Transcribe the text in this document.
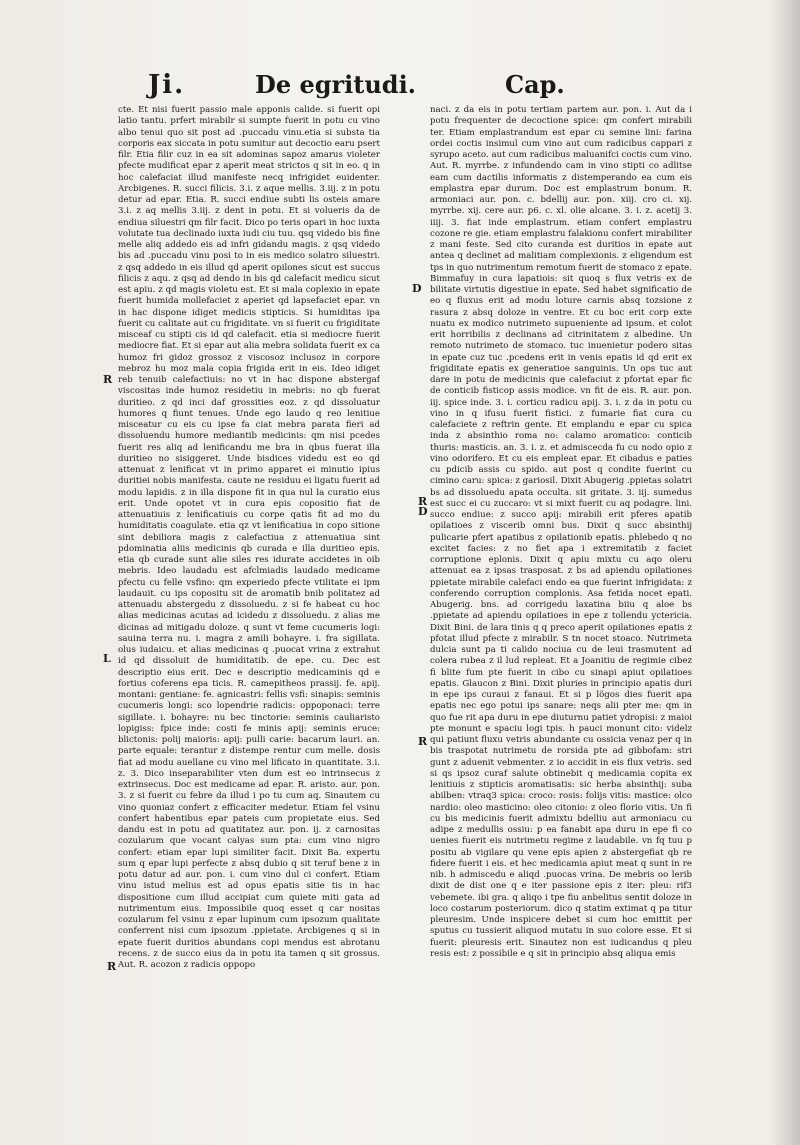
Ji.	De egritudi.	Cap.
R
L
R
D
R
D
R

cte. Et nisi fuerit passio male apponis calide. si fuerit opi latio tantu. prfert mirabilr si sumpte fuerit in potu cu vino albo tenui quo sit post ad .puccadu vinu.etia si substa tia corporis eax siccata in potu sumitur aut decoctio earu psert filr. Etia filir cuz in ea sit adominas sapoz amarus violeter pfecte mudificat epar z aperit meat strictos q sit in eo. q in hoc calefaciat illud manifeste necq infrigidet euidenter. Arcbigenes. R. succi filicis. 3.i. z aque mellis. 3.iij. z in potu detur ad epar. Etia. R. succi endiue subti lis osteis amare 3.i. z aq mellis 3.iij. z dent in potu. Et si volueris da de endiua siluestri qm filr facit. Dico po teris opari in hoc iuxta volutate tua declinado iuxta iudi ciu tuu. qsq videdo bis fine melle aliq addedo eis ad infri gidandu magis. z qsq videdo bis ad .puccadu vinu posi to in eis medico solatro siluestri. z qsq addedo in eis illud qd aperit opilones sicut est succus filicis z aqu. z qsq ad dendo in bis qd calefacit medicu sicut est apiu. z qd magis violetu est. Et si mala coplexio in epate fuerit humida mollefaciet z aperiet qd lapsefaciet epar. vn in hac dispone idiget medicis stipticis. Si humiditas ipa fuerit cu calitate aut cu frigiditate. vn si fuerit cu frigiditate misceaf cu stipti cis id qd calefacit. etia si mediocre fuerit mediocre fiat. Et si epar aut alia mebra solidata fuerit ex ca humoz fri gidoz grossoz z viscosoz inclusoz in corpore mebroz hu moz mala copia frigida erit in eis. Ideo idiget reb tenuib calefactiuis: no vt in hac dispone abstergaf viscositas inde humoz residetiu in mebris: no qb fuerat duritieo. z qd inci daf grossities eoz. z qd dissoluatur humores q fiunt tenues. Unde ego laudo q reo lenitiue misceatur cu eis cu ipse fa ciat mebra parata fieri ad dissoluendu humore mediantib medicinis: qm nisi pcedes fuerit res aliq ad lenificandu me bra in qbus fuerat illa duritieo no sisiggeret. Unde bisdices videdu est eo qd attenuat z lenificat vt in primo apparet ei minutio ipius duritiei nobis manifesta. caute ne residuu ei ligatu fuerit ad modu lapidis. z in illa dispone fit in qua nul la curatio eius erit. Unde opotet vt in cura epis copositio fiat de attenuatiuis z lenificatiuis cu corpe qatis fit ad mo du humiditatis coagulate. etia qz vt lenificatiua in copo sitione sint debiliora magis z calefactiua z attenuatiua sint pdominatia aliis medicinis qb curada e illa duritieo epis. etia qb curade sunt alie siles res idurate accidetes in oib mebris. Ideo laudadu est afclmiadis laudado medicame pfectu cu felle vsfino: qm experiedo pfecte vtilitate ei ipm laudauit. cu ips copositu sit de aromatib bnib politatez ad attenuadu abstergedu z dissoluedu. z si fe habeat cu hoc alias medicinas acutas ad icidedu z dissoluedu. z alias me dicinas ad mitigadu doloze. q sunt vt feme cucumeris logi: sauina terra nu. i. magra z amili bohayre. i. fra sigillata. olus iudaicu. et alias medicinas q .puocat vrina z extrahut id qd dissoluit de humiditatib. de epe. cu. Dec est descriptio eius erit. Dec e descriptio medicaminis qd e fortius coferens epa ticis. R. camepitheos prassij. fe. apij. montani: gentiane: fe. agnicastri: fellis vsfi: sinapis: seminis cucumeris longi: sco lopendrie radicis: oppoponaci: terre sigillate. i. bohayre: nu bec tinctorie: seminis cauliaristo lopigiss: fpice inde: costi fe minis apij: seminis eruce: blictonis: polij maioris: apij: pulli carie: bacarum lauri. an. parte equale: terantur z distempe rentur cum melle. dosis fiat ad modu auellane cu vino mel lificato in quantitate. 3.i. z. 3. Dico inseparabiliter vten dum est eo intrinsecus z extrinsecus. Doc est medicame ad epar. R. aristo. aur. pon. 3. z si fuerit cu febre da illud i po tu cum aq. Sinautem cu vino quoniaz confert z efficaciter medetur. Etiam fel vsinu confert habentibus epar pateis cum propietate eius. Sed dandu est in potu ad quatitatez aur. pon. ij. z carnositas cozularum que vocant calyas sum pta: cum vino nigro confert: etiam epar lupi similiter facit. Dixit Ba. expertu sum q epar lupi perfecte z absq dubio q sit teruf bene z in potu datur ad aur. pon. i. cum vino dul ci confert. Etiam vinu istud melius est ad opus epatis sitie tis in hac dispositione cum illud accipiat cum quiete miti gata ad nutrimentum eius. Impossibile quoq esset q car nositas cozularum fel vsinu z epar lupinum cum ipsozum qualitate conferrent nisi cum ipsozum .ppietate. Arcbigenes q si in epate fuerit duritios abundans copi mendus est abrotanu recens. z de succo eius da in potu ita tamen q sit grossus. Aut. R. acozon z radicis oppopo

naci. z da eis in potu tertiam partem aur. pon. i. Aut da i potu frequenter de decoctione spice: qm confert mirabili ter. Etiam emplastrandum est epar cu semine lini: farina ordei coctis insimul cum vino aut cum radicibus cappari z syrupo aceto. aut cum radicibus maluanifci coctis cum vino. Aut. R. myrrbe. z infundendo cam in vino stipti co adlitse eam cum dactilis informatis z distemperando ea cum eis emplastra epar durum. Doc est emplastrum bonum. R. armoniaci aur. pon. c. bdellij aur. pon. xiij. cro ci. xij. myrrbe. xij. cere aur. p6. c. xl. olie alcane. 3. i. z. acetij 3. iiij. 3. fiat inde emplastrum. etiam confert emplastru cozone re gie. etiam emplastru falakionu confert mirabiliter z mani feste. Sed cito curanda est duritios in epate aut antea q declinet ad malitiam complexionis. z eligendum est tps in quo nutrimentum remotum fuerit de stomaco z epate. Bimmafuy in cura lapatiois: sit quoq s flux vetris ex de bilitate virtutis digestiue in epate. Sed habet significatio de eo q fluxus erit ad modu loture carnis absq tozsione z rasura z absq doloze in ventre. Et cu boc erit corp exte nuatu ex modico nutrimeto supueniente ad ipsum. et colot erit horribilis z declinans ad citrinitatem z albedine. Un remoto nutrimeto de stomaco. tuc inuenietur podero sitas in epate cuz tuc .pcedens erit in venis epatis id qd erit ex frigiditate epatis ex generatioe sanguinis. Un ops tuc aut dare in potu de medicinis que calefaciut z pfortat epar fic de conticib fisticop assis modice. vn fit de eis. R. aur. pon. iij. spice inde. 3. i. corticu radicu apij. 3. i. z da in potu cu vino in q ifusu fuerit fistici. z fumarie fiat cura cu calefaciete z reftrin gente. Et emplandu e epar cu spica inda z absinthio roma no: calamo aromatico: conticib thuris: masticis. an. 3. i. z. et admiscecda fu cu nodo opio z vino odorifero. Et cu eis empleat epar. Et cibadus e paties cu pdicib assis cu spido. aut post q condite fuerint cu cimino caru: spica: z gariosil. Dixit Abugerig .ppietas solatri bs ad dissoluedu apata occulta. sit gritate. 3. iij. sumedus est succ ei cu zuccaro: vt si mixt fuerit cu aq podagre. lini. succo endiue: z succo apij: mirabili erit pferes apatib opilatioes z viscerib omni bus. Dixit q succ absinthij pulicarie pfert apatibus z opilationib epatis. phlebedo q no excitet facies: z no fiet apa i extremitatib z faciet corruptione eplonis. Dixit q apiu mixtu cu aqo oleru attenuat ea z ipsas trasposat. z bs ad apiendu opilationes ppietate mirabile calefaci endo ea que fuerint infrigidata: z conferendo corruption complonis. Asa fetida nocet epati. Abugerig. bns. ad corrigedu laxatina biiu q aloe bs .ppietate ad apiendu opilatioes in epe z tollendu yctericia. Dixit Bini. de lara tinis q q preco aperit opilationes epatis z pfotat illud pfecte z mirabilr. S tn nocet stoaco. Nutrimeta dulcia sunt pa ti calido nociua cu de leui trasmutent ad colera rubea z il lud repleat. Et a Joanitiu de regimie cibez fi blite fum pte fuerit in cibo cu sinapi apiut opilatioes epatis. Glaucon z Bini. Dixit pluries in principio apatis duri in epe ips curaui z fanaui. Et si p lögos dies fuerit apa epatis nec ego potui ips sanare: neqs alii pter me: qm in quo fue rit apa duru in epe diuturnu patiet ydropisi: z maioi pte monunt e spaciu logi tpis. h pauci monunt cito: videlz qui patiunt fluxu vetris abundante cu ossicia venaz per q in bis traspotat nutrimetu de rorsida pte ad gibbofam: stri gunt z aduenit vebmenter. z io accidit in eis flux vetris. sed si qs ipsoz curaf salute obtinebit q medicamia copita ex lenitiuis z stipticis aromatisatis: sic herba absinthij: suba abilben: vtraq3 spica: croco: rosis: folijs vitis: mastice: olco nardio: oleo masticino: oleo citonio: z oleo florio vitis. Un fi cu bis medicinis fuerit admixtu bdelliu aut armoniacu cu adipe z medullis ossiu: p ea fanabit apa duru in epe fi co uenies fuerit eis nutrimetu regime z laudabile. vn fq tuu p positu ab vigilare qu vene epis apien z abstergefiat qb re fidere fuerit i eis. et hec medicamia apiut meat q sunt in re nib. h admiscedu e aliqd .puocas vrina. De mebris oo lerib dixit de dist one q e iter passione epis z iter: pleu: rif3 vebemete. ibi gra. q aliqo i tpe fiu anbelitus sentit doloze in loco costarum posteriorum. dico q statim extimat q pa titur pleuresim. Unde inspicere debet si cum hoc emittit per sputus cu tussierit aliquod mutatu in suo colore esse. Et si fuerit: pleuresis erit. Sinautez non est iudicandus q pleu resis est: z possibile e q sit in principio absq aliqua emis
